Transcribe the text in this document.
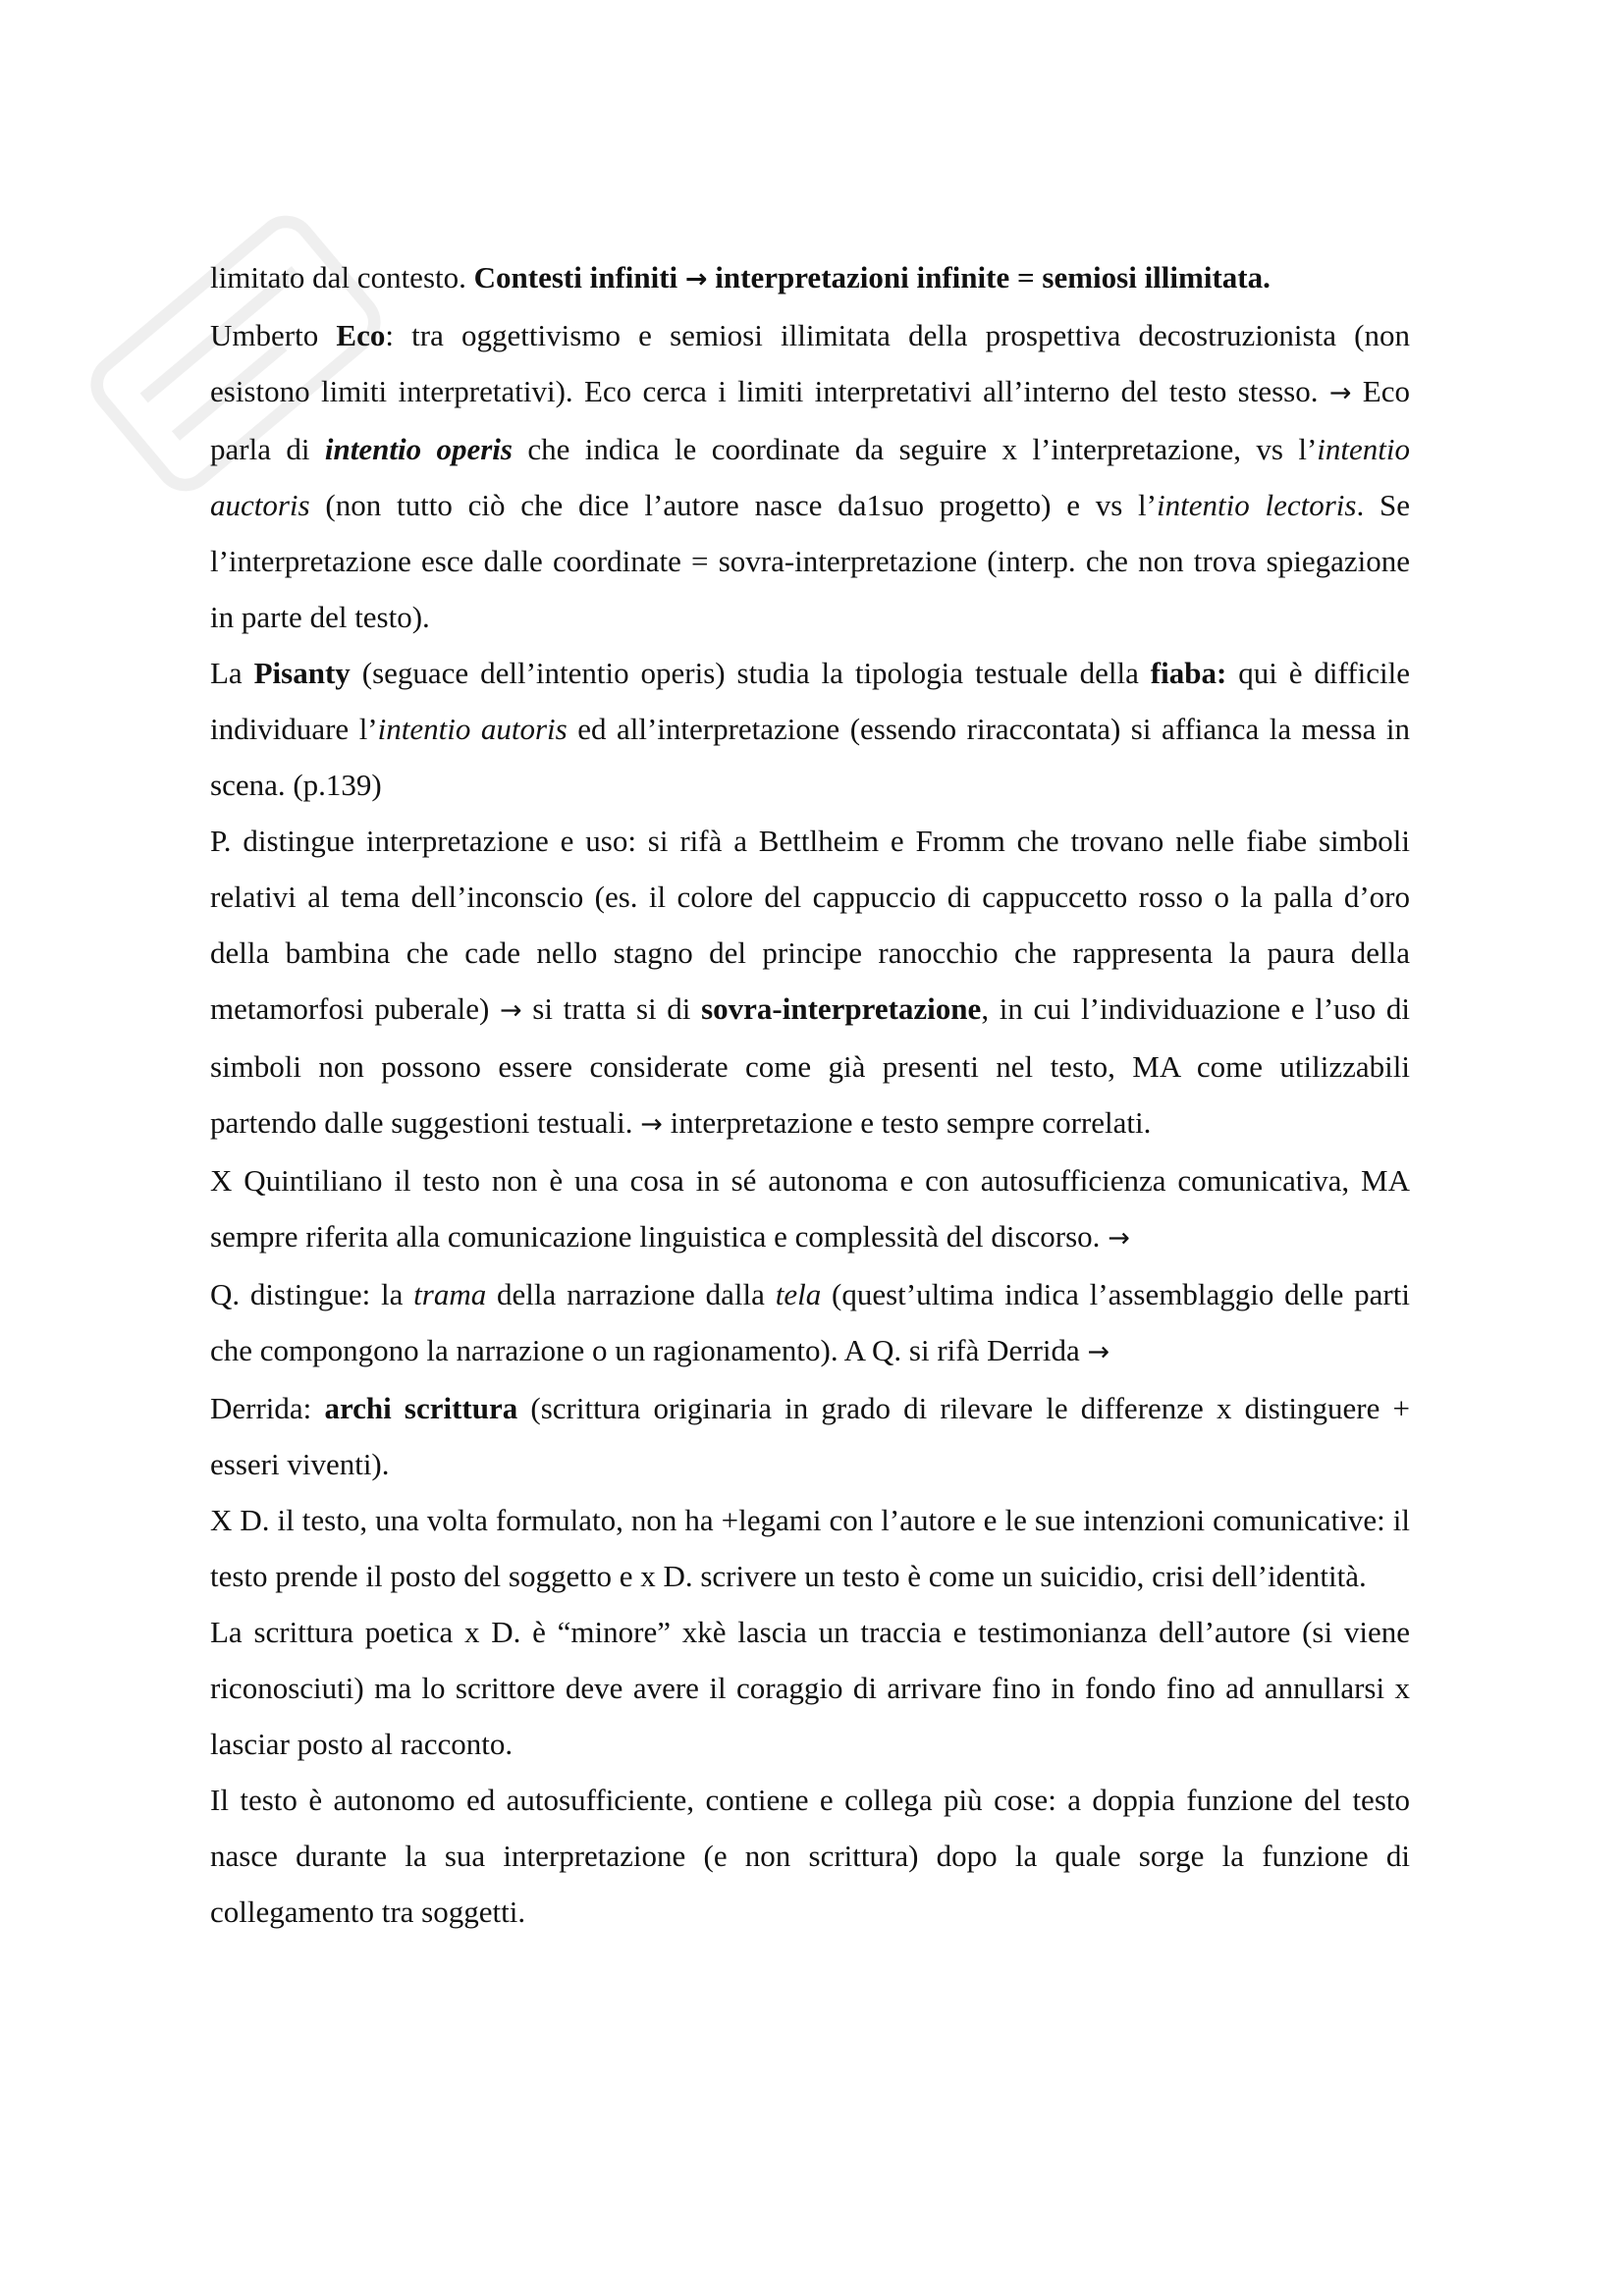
limitato dal contesto. Contesti infiniti → interpretazioni infinite = semiosi illimitata.

Umberto Eco: tra oggettivismo e semiosi illimitata della prospettiva decostruzionista (non esistono limiti interpretativi). Eco cerca i limiti interpretativi all’interno del testo stesso. → Eco parla di intentio operis che indica le coordinate da seguire x l’interpretazione, vs l’intentio auctoris (non tutto ciò che dice l’autore nasce da1suo progetto) e vs l’intentio lectoris. Se l’interpretazione esce dalle coordinate = sovra-interpretazione (interp. che non trova spiegazione in parte del testo).

La Pisanty (seguace dell’intentio operis) studia la tipologia testuale della fiaba: qui è difficile individuare l’intentio autoris ed all’interpretazione (essendo riraccontata) si affianca la messa in scena. (p.139)

P. distingue interpretazione e uso: si rifà a Bettlheim e Fromm che trovano nelle fiabe simboli relativi al tema dell’inconscio (es. il colore del cappuccio di cappuccetto rosso o la palla d’oro della bambina che cade nello stagno del principe ranocchio che rappresenta la paura della metamorfosi puberale) → si tratta si di sovra-interpretazione, in cui l’individuazione e l’uso di simboli non possono essere considerate come già presenti nel testo, MA come utilizzabili partendo dalle suggestioni testuali. → interpretazione e testo sempre correlati.

X Quintiliano il testo non è una cosa in sé autonoma e con autosufficienza comunicativa, MA sempre riferita alla comunicazione linguistica e complessità del discorso. →

Q. distingue: la trama della narrazione dalla tela (quest’ultima indica l’assemblaggio delle parti che compongono la narrazione o un ragionamento). A Q. si rifà Derrida →

Derrida: archi scrittura (scrittura originaria in grado di rilevare le differenze x distinguere + esseri viventi).

X D. il testo, una volta formulato, non ha +legami con l’autore e le sue intenzioni comunicative: il testo prende il posto del soggetto e x D. scrivere un testo è come un suicidio, crisi dell’identità.

La scrittura poetica x D. è “minore” xkè lascia un traccia e testimonianza dell’autore (si viene riconosciuti) ma lo scrittore deve avere il coraggio di arrivare fino in fondo fino ad annullarsi x lasciar posto al racconto.

Il testo è autonomo ed autosufficiente, contiene e collega più cose: a doppia funzione del testo nasce durante la sua interpretazione (e non scrittura) dopo la quale sorge la funzione di collegamento tra soggetti.
